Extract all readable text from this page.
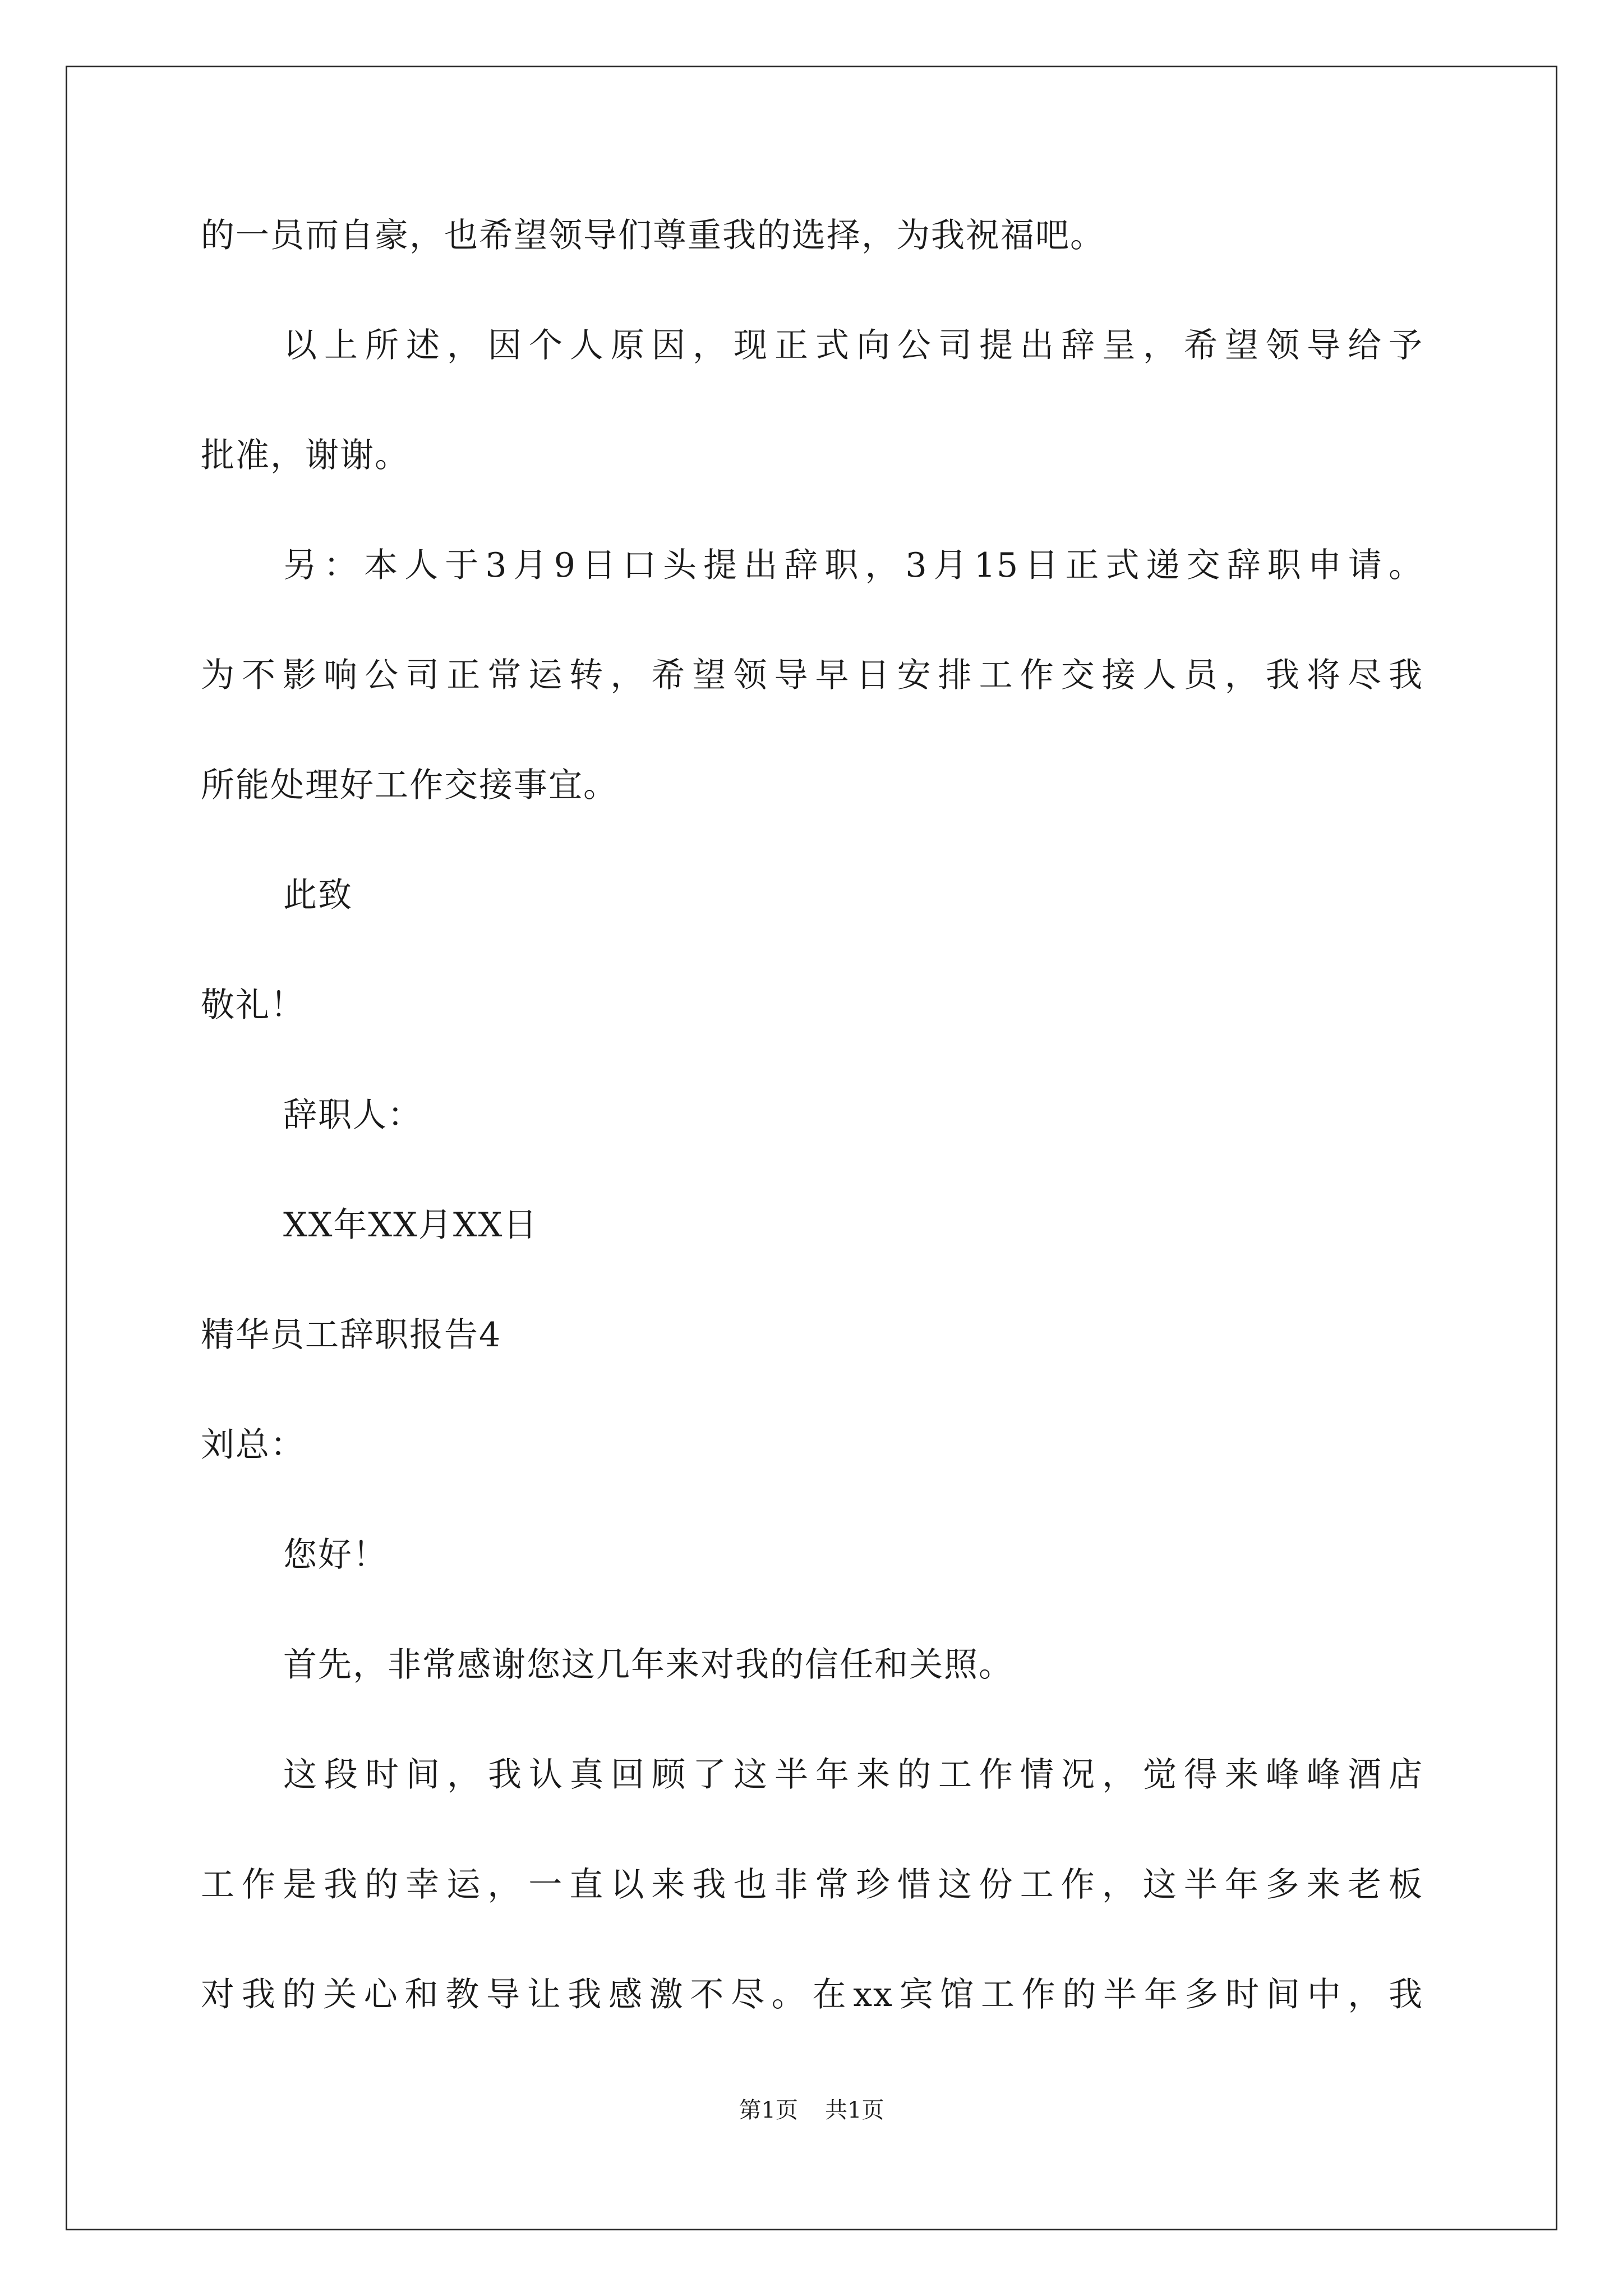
的一员而自豪，也希望领导们尊重我的选择，为我祝福吧。
以上所述，因个人原因，现正式向公司提出辞呈，希望领导给予
批准，谢谢。
另：本人于3月9日口头提出辞职，3月15日正式递交辞职申请。
为不影响公司正常运转，希望领导早日安排工作交接人员，我将尽我
所能处理好工作交接事宜。
此致
敬礼！
辞职人：
XX年XX月XX日
精华员工辞职报告4
刘总：
您好！
首先，非常感谢您这几年来对我的信任和关照。
这段时间，我认真回顾了这半年来的工作情况，觉得来峰峰酒店
工作是我的幸运，一直以来我也非常珍惜这份工作，这半年多来老板
对我的关心和教导让我感激不尽。在xx宾馆工作的半年多时间中，我
第1页 共1页
